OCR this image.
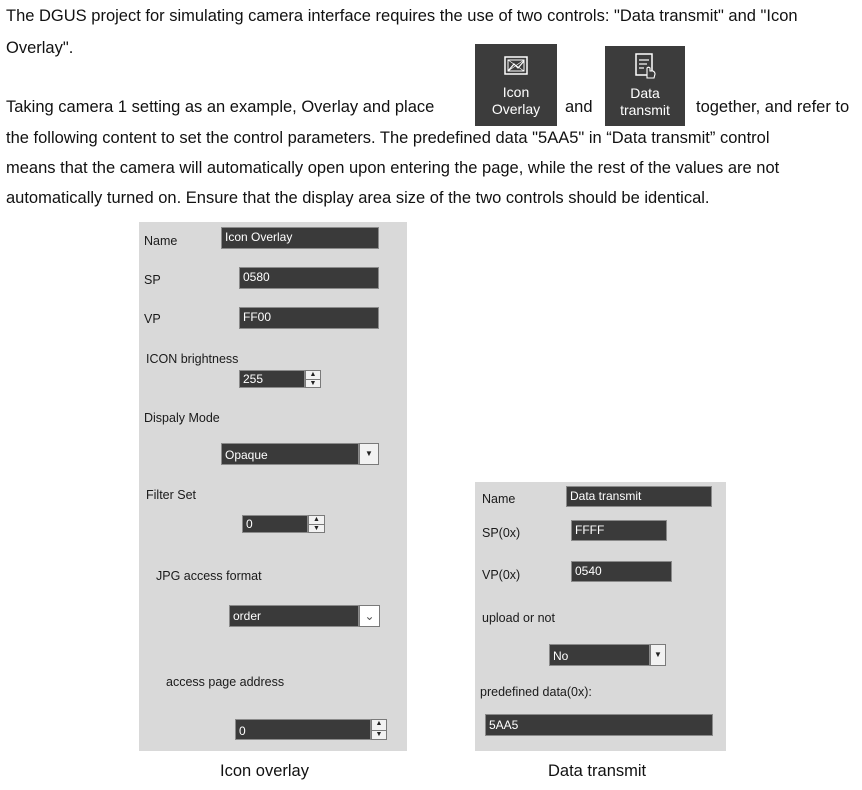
The DGUS project for simulating camera interface requires the use of two controls: "Data transmit" and "Icon

Overlay".

Taking camera 1 setting as an example, Overlay and place	and	together, and refer to

the following content to set the control parameters. The predefined data "5AA5" in “Data transmit” control

means that the camera will automatically open upon entering the page, while the rest of the values are not

automatically turned on. Ensure that the display area size of the two controls should be identical.

Icon
Overlay
Data
transmit
Name	Icon Overlay
SP	0580
VP	FF00
ICON brightness
255	▲
▼
Dispaly Mode
Opaque	▼
Filter Set
0	▲
▼
JPG access format
order	⌄
access page address
0
▲
▼
Name	Data transmit
SP(0x)	FFFF
VP(0x)	0540
upload or not
No	▼
predefined data(0x):
5AA5
Icon overlay	Data transmit
